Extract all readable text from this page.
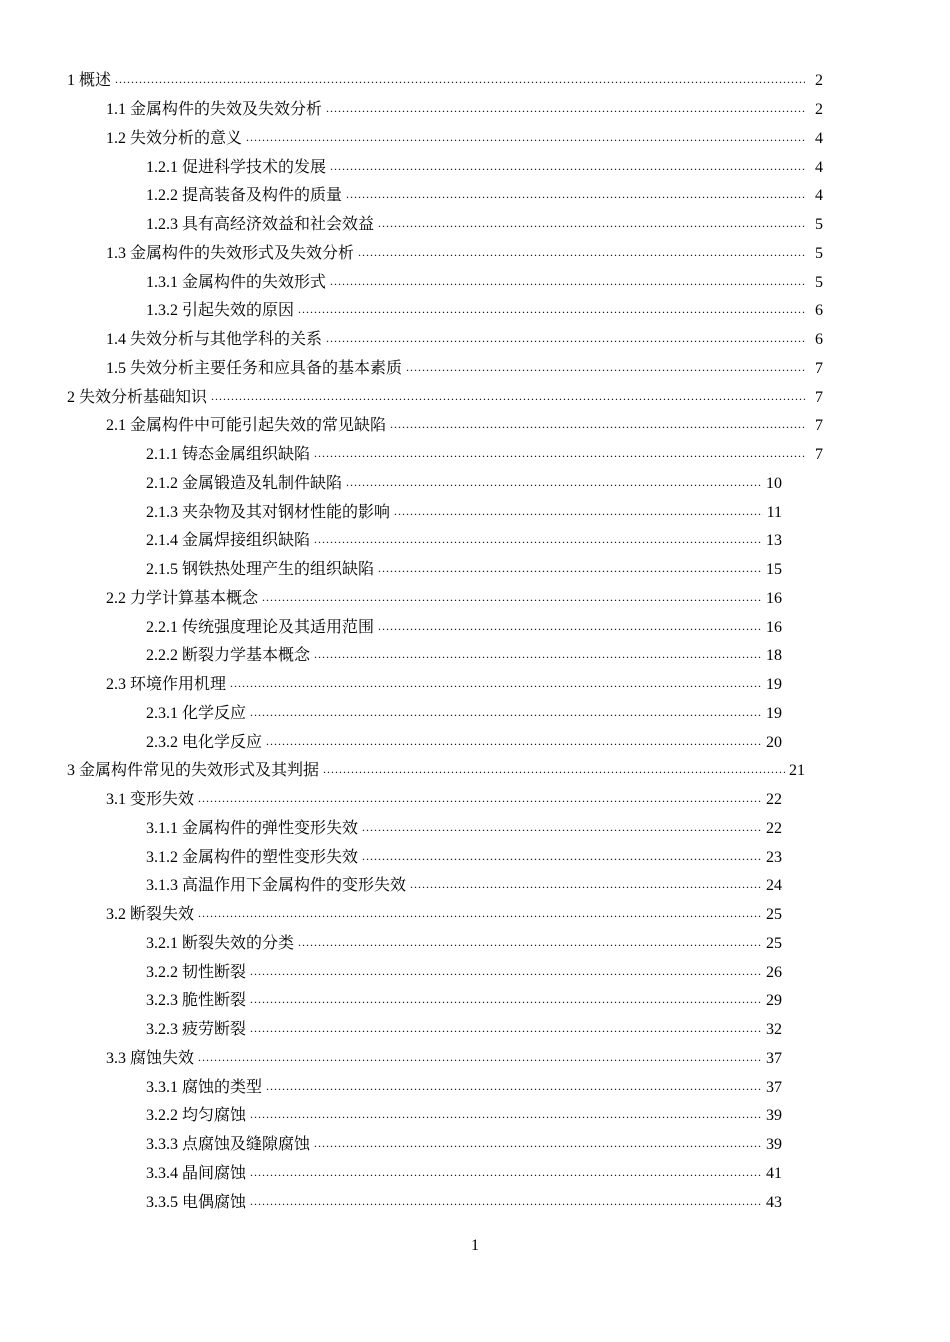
1 概述 .....	2
1.1 金属构件的失效及失效分析 .....	2
1.2 失效分析的意义 .....	4
1.2.1 促进科学技术的发展 .....	4
1.2.2 提高装备及构件的质量 .....	4
1.2.3 具有高经济效益和社会效益 .....	5
1.3 金属构件的失效形式及失效分析 .....	5
1.3.1 金属构件的失效形式 .....	5
1.3.2 引起失效的原因 .....	6
1.4 失效分析与其他学科的关系 .....	6
1.5 失效分析主要任务和应具备的基本素质 .....	7
2 失效分析基础知识 .....	7
2.1 金属构件中可能引起失效的常见缺陷 .....	7
2.1.1 铸态金属组织缺陷 .....	7
2.1.2 金属锻造及轧制件缺陷 .....	10
2.1.3 夹杂物及其对钢材性能的影响 .....	11
2.1.4 金属焊接组织缺陷 .....	13
2.1.5 钢铁热处理产生的组织缺陷 .....	15
2.2 力学计算基本概念 .....	16
2.2.1 传统强度理论及其适用范围 .....	16
2.2.2 断裂力学基本概念 .....	18
2.3 环境作用机理 .....	19
2.3.1 化学反应 .....	19
2.3.2 电化学反应 .....	20
3 金属构件常见的失效形式及其判据 .....	21
3.1 变形失效 .....	22
3.1.1 金属构件的弹性变形失效 .....	22
3.1.2 金属构件的塑性变形失效 .....	23
3.1.3 高温作用下金属构件的变形失效 .....	24
3.2 断裂失效 .....	25
3.2.1 断裂失效的分类 .....	25
3.2.2 韧性断裂 .....	26
3.2.3 脆性断裂 .....	29
3.2.3 疲劳断裂 .....	32
3.3 腐蚀失效 .....	37
3.3.1 腐蚀的类型 .....	37
3.2.2 均匀腐蚀 .....	39
3.3.3 点腐蚀及缝隙腐蚀 .....	39
3.3.4 晶间腐蚀 .....	41
3.3.5 电偶腐蚀 .....	43
1
